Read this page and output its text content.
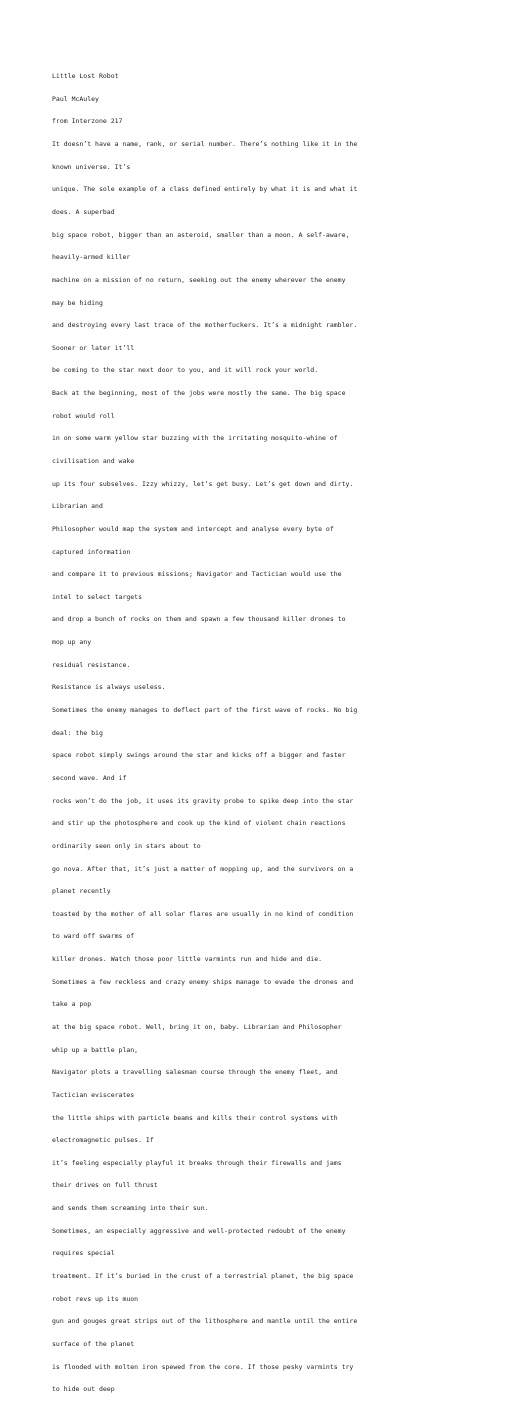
Little Lost Robot

Paul McAuley

from Interzone 217

It doesn’t have a name, rank, or serial number. There’s nothing like it in the

known universe. It’s

unique. The sole example of a class defined entirely by what it is and what it

does. A superbad

big space robot, bigger than an asteroid, smaller than a moon. A self-aware,

heavily-armed killer

machine on a mission of no return, seeking out the enemy wherever the enemy

may be hiding

and destroying every last trace of the motherfuckers. It’s a midnight rambler.

Sooner or later it’ll

be coming to the star next door to you, and it will rock your world.

Back at the beginning, most of the jobs were mostly the same. The big space

robot would roll

in on some warm yellow star buzzing with the irritating mosquito-whine of

civilisation and wake

up its four subselves. Izzy whizzy, let’s get busy. Let’s get down and dirty.

Librarian and

Philosopher would map the system and intercept and analyse every byte of

captured information

and compare it to previous missions; Navigator and Tactician would use the

intel to select targets

and drop a bunch of rocks on them and spawn a few thousand killer drones to

mop up any

residual resistance.

Resistance is always useless.

Sometimes the enemy manages to deflect part of the first wave of rocks. No big

deal: the big

space robot simply swings around the star and kicks off a bigger and faster

second wave. And if

rocks won’t do the job, it uses its gravity probe to spike deep into the star

and stir up the photosphere and cook up the kind of violent chain reactions

ordinarily seen only in stars about to

go nova. After that, it’s just a matter of mopping up, and the survivors on a

planet recently

toasted by the mother of all solar flares are usually in no kind of condition

to ward off swarms of

killer drones. Watch those poor little varmints run and hide and die.

Sometimes a few reckless and crazy enemy ships manage to evade the drones and

take a pop

at the big space robot. Well, bring it on, baby. Librarian and Philosopher

whip up a battle plan,

Navigator plots a travelling salesman course through the enemy fleet, and

Tactician eviscerates

the little ships with particle beams and kills their control systems with

electromagnetic pulses. If

it’s feeling especially playful it breaks through their firewalls and jams

their drives on full thrust

and sends them screaming into their sun.

Sometimes, an especially aggressive and well-protected redoubt of the enemy

requires special

treatment. If it’s buried in the crust of a terrestrial planet, the big space

robot revs up its muon

gun and gouges great strips out of the lithosphere and mantle until the entire

surface of the planet

is flooded with molten iron spewed from the core. If those pesky varmints try

to hide out deep
